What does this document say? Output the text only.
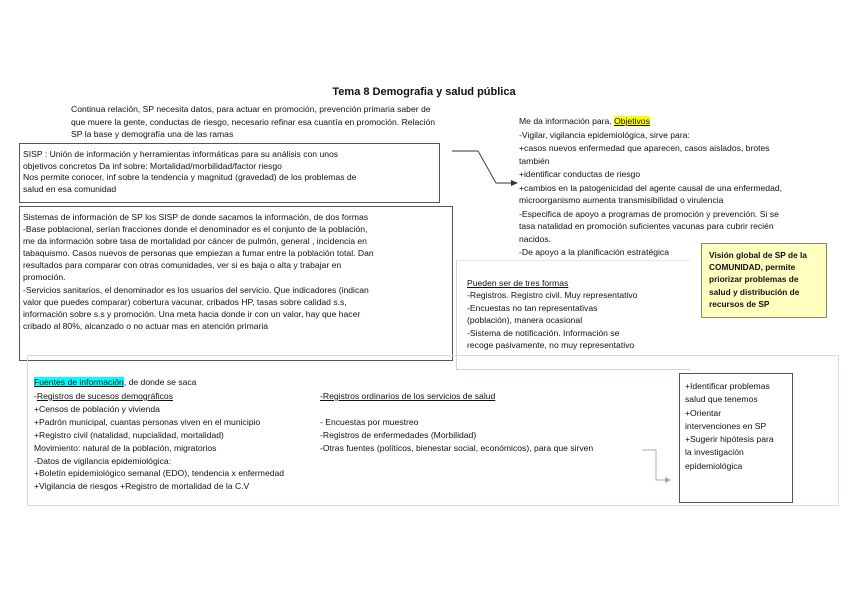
Tema 8 Demografia y salud pública
Continua relación, SP necesita datos, para actuar en promoción, prevención primaria saber de
que muere la gente, conductas de riesgo, necesario refinar esa cuantía en promoción. Relación
SP la base y demografía una de las ramas
SISP : Unión de información y herramientas informáticas para su análisis con unos
objetivos concretos Da inf sobre: Mortalidad/morbilidad/factor riesgo
Nos permite conocer, inf sobre la tendencia y magnitud (gravedad) de los problemas de
salud en esa comunidad
Sistemas de información de SP los SISP de donde sacamos la información, de dos formas
-Base poblacional, serían fracciones donde el denominador es el conjunto de la población,
me da información sobre tasa de mortalidad por cáncer de pulmón, general , incidencia en
tabaquismo. Casos nuevos de personas que empiezan a fumar entre la población total. Dan
resultados para comparar con otras comunidades, ver si es baja o alta y trabajar en
promoción.
-Servicios sanitarios, el denominador es los usuarios del servicio. Que indicadores (indican
valor que puedes comparar) cobertura vacunar, cribados HP, tasas sobre calidad s.s,
información sobre s.s y promoción. Una meta hacia donde ir con un valor, hay que hacer
cribado al 80%, alcanzado o no actuar mas en atención primaria
Me da información para. Objetivos
-Vigilar, vigilancia epidemiológica, sirve para:
+casos nuevos enfermedad que aparecen, casos aislados, brotes
también
+identificar conductas de riesgo
+cambios en la patogenicidad del agente causal de una enfermedad,
microorganismo aumenta transmisibilidad o virulencia
-Especifica de apoyo a programas de promoción y prevención. Si se
tasa natalidad en promoción suficientes vacunas para cubrir recién
nacidos.
-De apoyo a la planificación estratégica	Visión global de SP de la
COMUNIDAD, permite
priorizar problemas de
salud y distribución de
recursos de SP
Pueden ser de tres formas
-Registros. Registro civil. Muy representativo
-Encuestas no tan representativas
(población), manera ocasional
-Sistema de notificación. Información se
recoge pasivamente, no muy representativo
Fuentes de información, de donde se saca
-Registros de sucesos demográficos
+Censos de población y vivienda
+Padrón municipal, cuantas personas viven en el municipio
+Registro civil (natalidad, nupcialidad, mortalidad)
Movimiento: natural de la población, migratorios
-Datos de vigilancia epidemiológica:
+Boletín epidemiológico semanal (EDO), tendencia x enfermedad
+Vigilancia de riesgos +Registro de mortalidad de la C.V
-Registros ordinarios de los servicios de salud

- Encuestas por muestreo
-Registros de enfermedades (Morbilidad)
-Otras fuentes (políticos, bienestar social, económicos), para que sirven
+Identificar problemas
salud que tenemos
+Orientar
intervenciones en SP
+Sugerir hipótesis para
la investigación
epidemiológica
